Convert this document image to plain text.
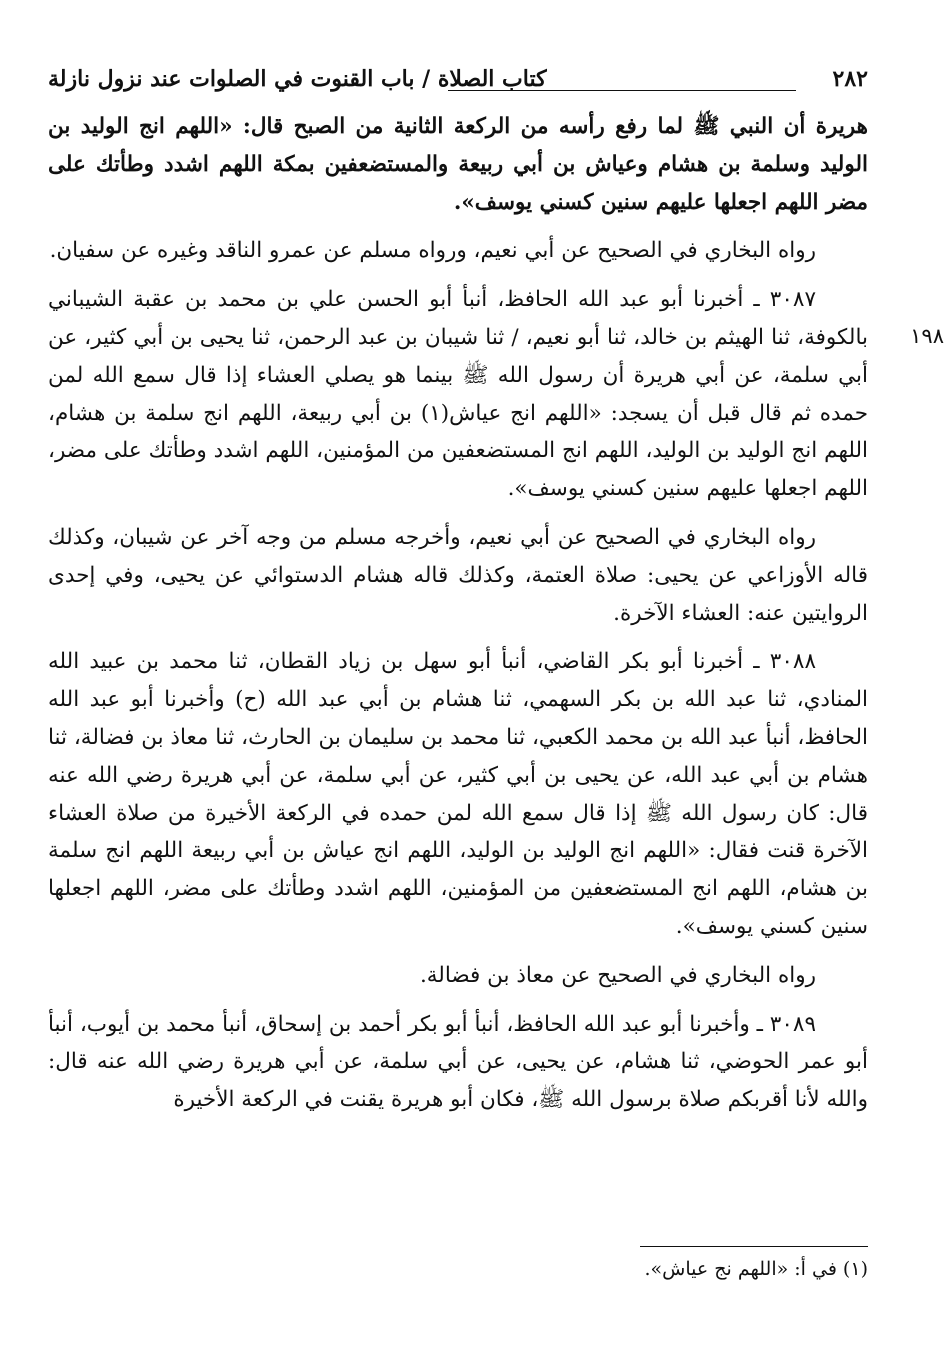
٢٨٢
كتاب الصلاة / باب القنوت في الصلوات عند نزول نازلة

هريرة أن النبي ﷺ لما رفع رأسه من الركعة الثانية من الصبح قال: «اللهم انج الوليد بن الوليد وسلمة بن هشام وعياش بن أبي ربيعة والمستضعفين بمكة اللهم اشدد وطأتك على مضر اللهم اجعلها عليهم سنين كسني يوسف».

رواه البخاري في الصحيح عن أبي نعيم، ورواه مسلم عن عمرو الناقد وغيره عن سفيان.

١٩٨

٣٠٨٧ ـ أخبرنا أبو عبد الله الحافظ، أنبأ أبو الحسن علي بن محمد بن عقبة الشيباني بالكوفة، ثنا الهيثم بن خالد، ثنا أبو نعيم، / ثنا شيبان بن عبد الرحمن، ثنا يحيى بن أبي كثير، عن أبي سلمة، عن أبي هريرة أن رسول الله ﷺ بينما هو يصلي العشاء إذا قال سمع الله لمن حمده ثم قال قبل أن يسجد: «اللهم انج عياش(١) بن أبي ربيعة، اللهم انج سلمة بن هشام، اللهم انج الوليد بن الوليد، اللهم انج المستضعفين من المؤمنين، اللهم اشدد وطأتك على مضر، اللهم اجعلها عليهم سنين كسني يوسف».

رواه البخاري في الصحيح عن أبي نعيم، وأخرجه مسلم من وجه آخر عن شيبان، وكذلك قاله الأوزاعي عن يحيى: صلاة العتمة، وكذلك قاله هشام الدستوائي عن يحيى، وفي إحدى الروايتين عنه: العشاء الآخرة.

٣٠٨٨ ـ أخبرنا أبو بكر القاضي، أنبأ أبو سهل بن زياد القطان، ثنا محمد بن عبيد الله المنادي، ثنا عبد الله بن بكر السهمي، ثنا هشام بن أبي عبد الله (ح) وأخبرنا أبو عبد الله الحافظ، أنبأ عبد الله بن محمد الكعبي، ثنا محمد بن سليمان بن الحارث، ثنا معاذ بن فضالة، ثنا هشام بن أبي عبد الله، عن يحيى بن أبي كثير، عن أبي سلمة، عن أبي هريرة رضي الله عنه قال: كان رسول الله ﷺ إذا قال سمع الله لمن حمده في الركعة الأخيرة من صلاة العشاء الآخرة قنت فقال: «اللهم انج الوليد بن الوليد، اللهم انج عياش بن أبي ربيعة اللهم انج سلمة بن هشام، اللهم انج المستضعفين من المؤمنين، اللهم اشدد وطأتك على مضر، اللهم اجعلها سنين كسني يوسف».

رواه البخاري في الصحيح عن معاذ بن فضالة.

٣٠٨٩ ـ وأخبرنا أبو عبد الله الحافظ، أنبأ أبو بكر أحمد بن إسحاق، أنبأ محمد بن أيوب، أنبأ أبو عمر الحوضي، ثنا هشام، عن يحيى، عن أبي سلمة، عن أبي هريرة رضي الله عنه قال: والله لأنا أقربكم صلاة برسول الله ﷺ، فكان أبو هريرة يقنت في الركعة الأخيرة

(١) في أ: «اللهم نج عياش».
